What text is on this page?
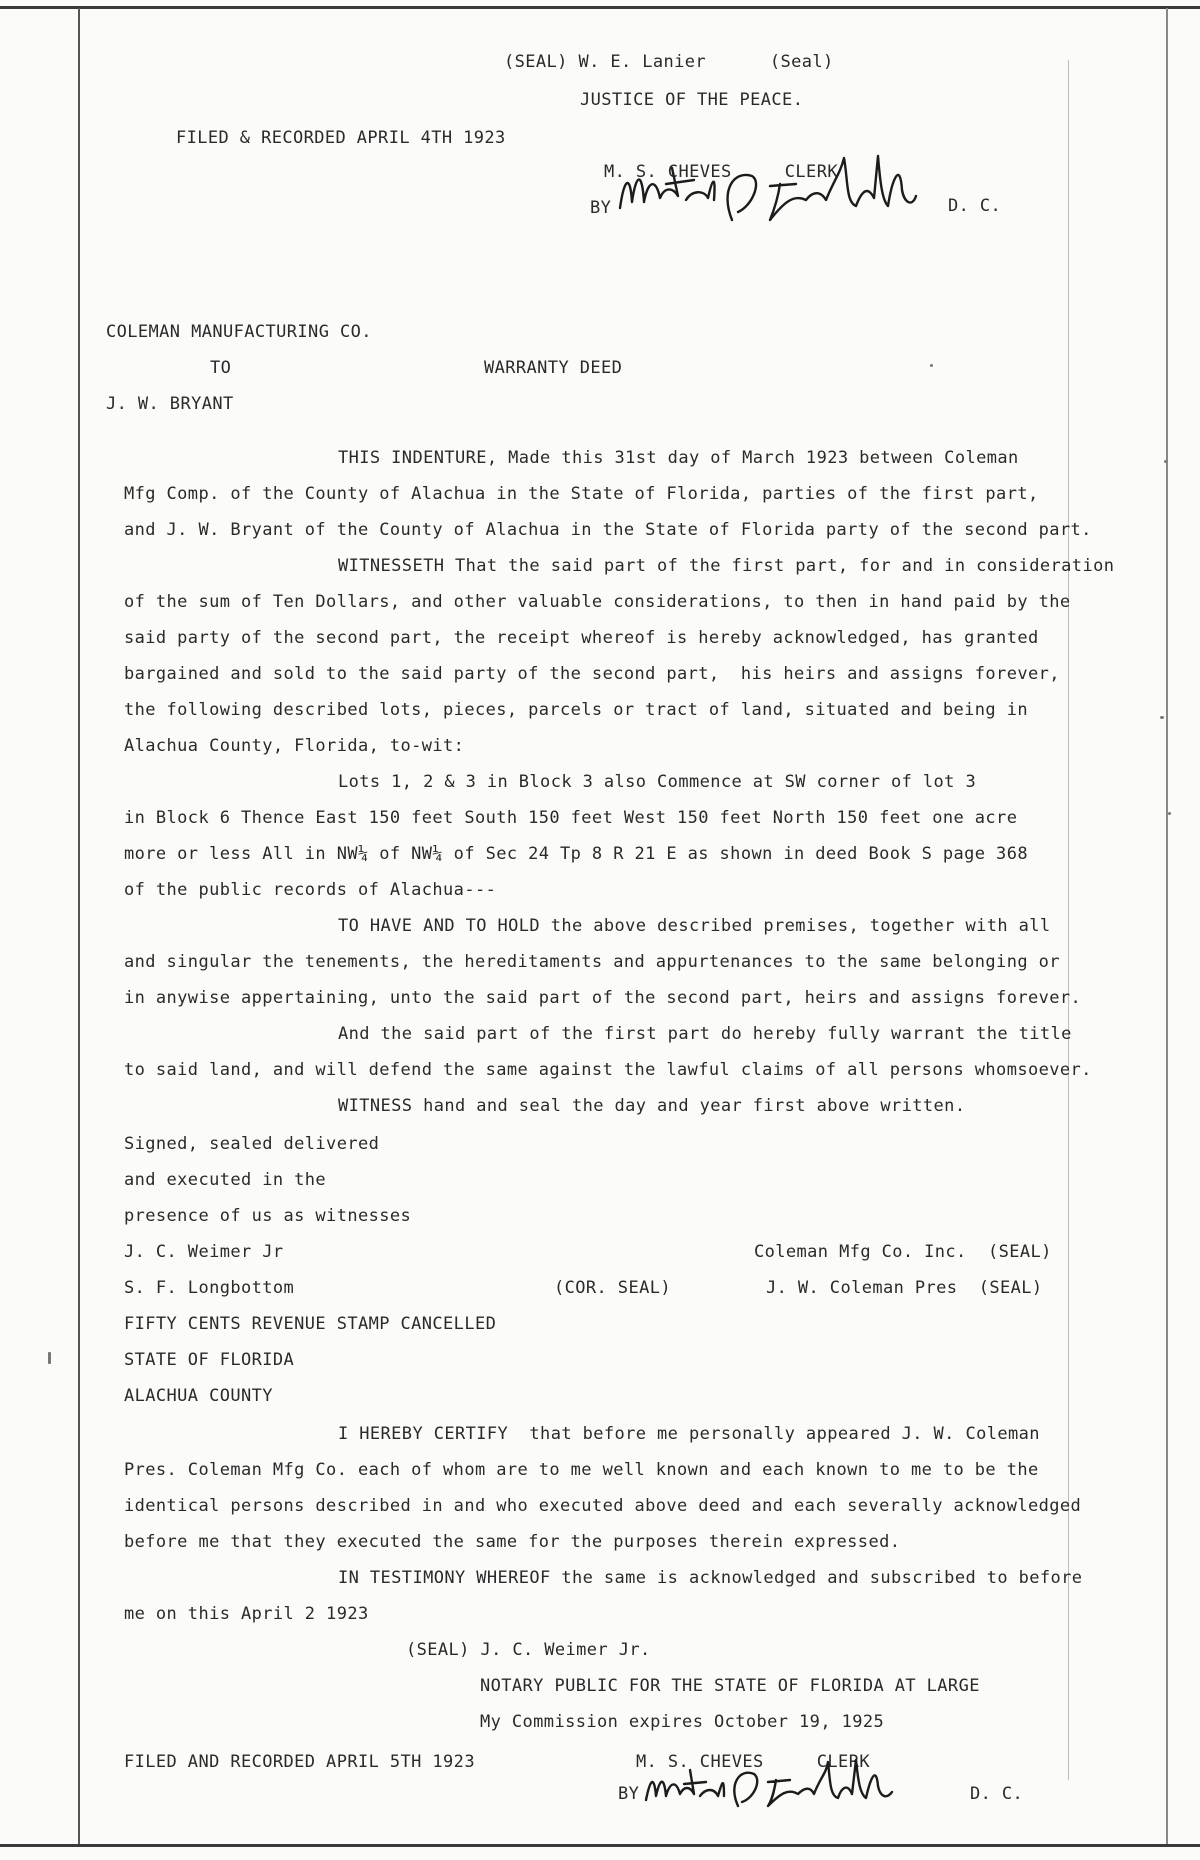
(SEAL) W. E. Lanier      (Seal)
JUSTICE OF THE PEACE.
FILED & RECORDED APRIL 4TH 1923
M. S. CHEVES     CLERK
BY	D. C.
COLEMAN MANUFACTURING CO.
TO	WARRANTY DEED
J. W. BRYANT
THIS INDENTURE, Made this 31st day of March 1923 between Coleman
Mfg Comp. of the County of Alachua in the State of Florida, parties of the first part,
and J. W. Bryant of the County of Alachua in the State of Florida party of the second part.
WITNESSETH That the said part of the first part, for and in consideration
of the sum of Ten Dollars, and other valuable considerations, to then in hand paid by the
said party of the second part, the receipt whereof is hereby acknowledged, has granted
bargained and sold to the said party of the second part,  his heirs and assigns forever,
the following described lots, pieces, parcels or tract of land, situated and being in
Alachua County, Florida, to-wit:
Lots 1, 2 & 3 in Block 3 also Commence at SW corner of lot 3
in Block 6 Thence East 150 feet South 150 feet West 150 feet North 150 feet one acre
more or less All in NW¼ of NW¼ of Sec 24 Tp 8 R 21 E as shown in deed Book S page 368
of the public records of Alachua---
TO HAVE AND TO HOLD the above described premises, together with all
and singular the tenements, the hereditaments and appurtenances to the same belonging or
in anywise appertaining, unto the said part of the second part, heirs and assigns forever.
And the said part of the first part do hereby fully warrant the title
to said land, and will defend the same against the lawful claims of all persons whomsoever.
WITNESS hand and seal the day and year first above written.
Signed, sealed delivered
and executed in the
presence of us as witnesses
J. C. Weimer Jr	Coleman Mfg Co. Inc.  (SEAL)
S. F. Longbottom	(COR. SEAL)	J. W. Coleman Pres  (SEAL)
FIFTY CENTS REVENUE STAMP CANCELLED
STATE OF FLORIDA
ALACHUA COUNTY
I HEREBY CERTIFY  that before me personally appeared J. W. Coleman
Pres. Coleman Mfg Co. each of whom are to me well known and each known to me to be the
identical persons described in and who executed above deed and each severally acknowledged
before me that they executed the same for the purposes therein expressed.
IN TESTIMONY WHEREOF the same is acknowledged and subscribed to before
me on this April 2 1923
(SEAL) J. C. Weimer Jr.
NOTARY PUBLIC FOR THE STATE OF FLORIDA AT LARGE
My Commission expires October 19, 1925
FILED AND RECORDED APRIL 5TH 1923	M. S. CHEVES     CLERK
BY	D. C.
